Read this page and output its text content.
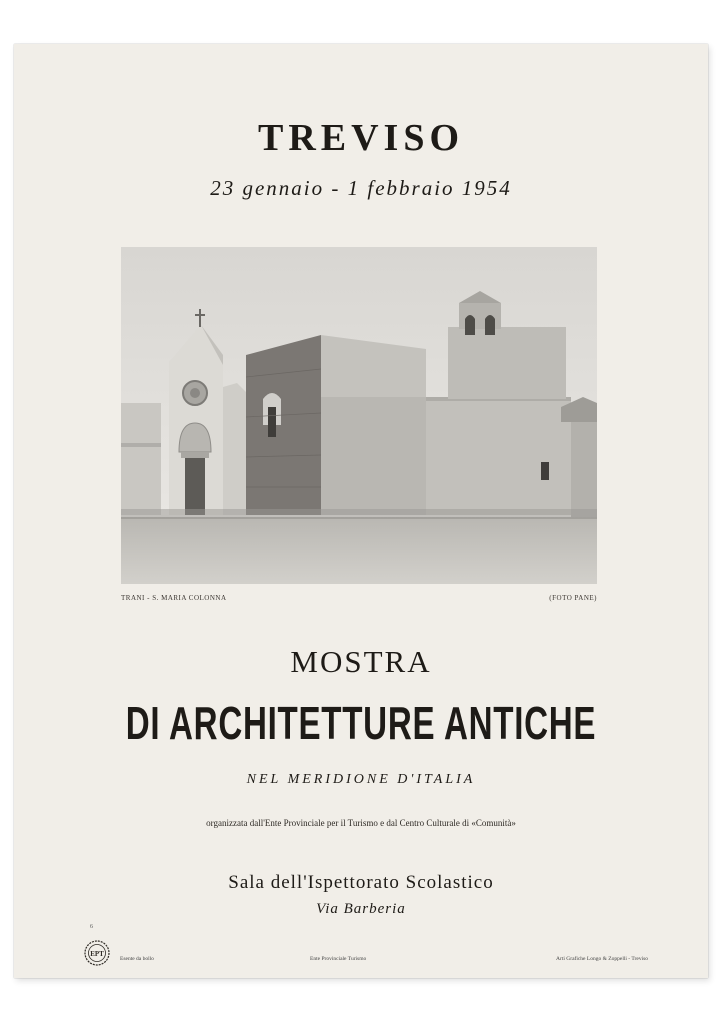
TREVISO
23 gennaio - 1 febbraio 1954
TRANI - S. MARIA COLONNA	(FOTO PANE)
MOSTRA
DI ARCHITETTURE ANTICHE
NEL MERIDIONE D'ITALIA
organizzata dall'Ente Provinciale per il Turismo e dal Centro Culturale di «Comunità»
Sala dell'Ispettorato Scolastico
Via Barberia
6
EPT
Esente da bollo	Ente Provinciale Turismo	Arti Grafiche Longo & Zoppelli - Treviso
